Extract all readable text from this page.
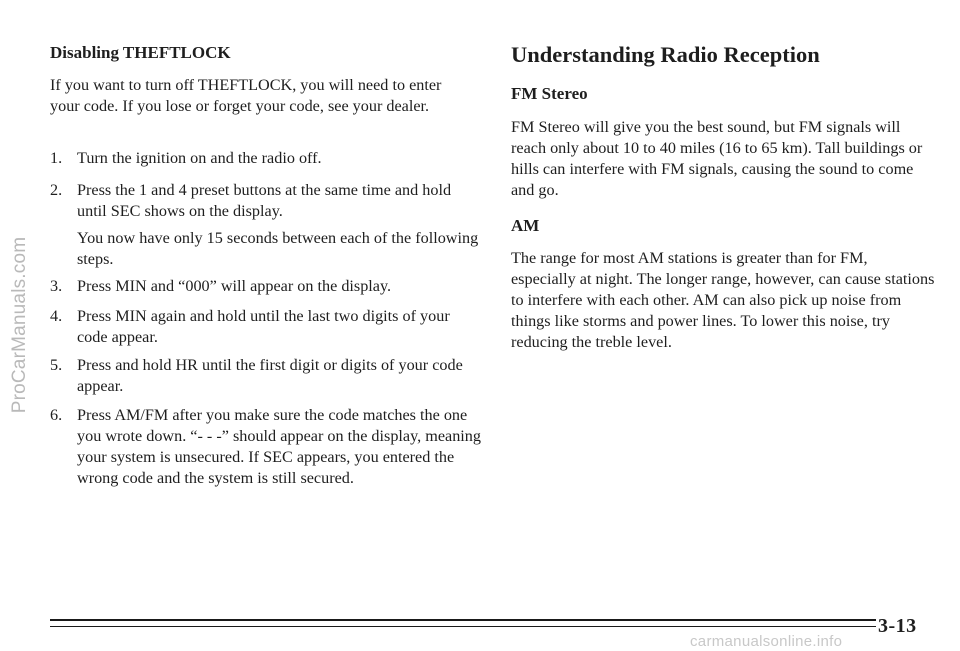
ProCarManuals.com
Disabling THEFTLOCK

If you want to turn off THEFTLOCK, you will need to enter your code. If you lose or forget your code, see your dealer.

1. Turn the ignition on and the radio off.
2. Press the 1 and 4 preset buttons at the same time and hold until SEC shows on the display.
You now have only 15 seconds between each of the following steps.
3. Press MIN and “000” will appear on the display.
4. Press MIN again and hold until the last two digits of your code appear.
5. Press and hold HR until the first digit or digits of your code appear.
6. Press AM/FM after you make sure the code matches the one you wrote down. “- - -” should appear on the display, meaning your system is unsecured. If SEC appears, you entered the wrong code and the system is still secured.
Understanding Radio Reception
FM Stereo

FM Stereo will give you the best sound, but FM signals will reach only about 10 to 40 miles (16 to 65 km). Tall buildings or hills can interfere with FM signals, causing the sound to come and go.

AM

The range for most AM stations is greater than for FM, especially at night. The longer range, however, can cause stations to interfere with each other. AM can also pick up noise from things like storms and power lines. To lower this noise, try reducing the treble level.

3-13
carmanualsonline.info
